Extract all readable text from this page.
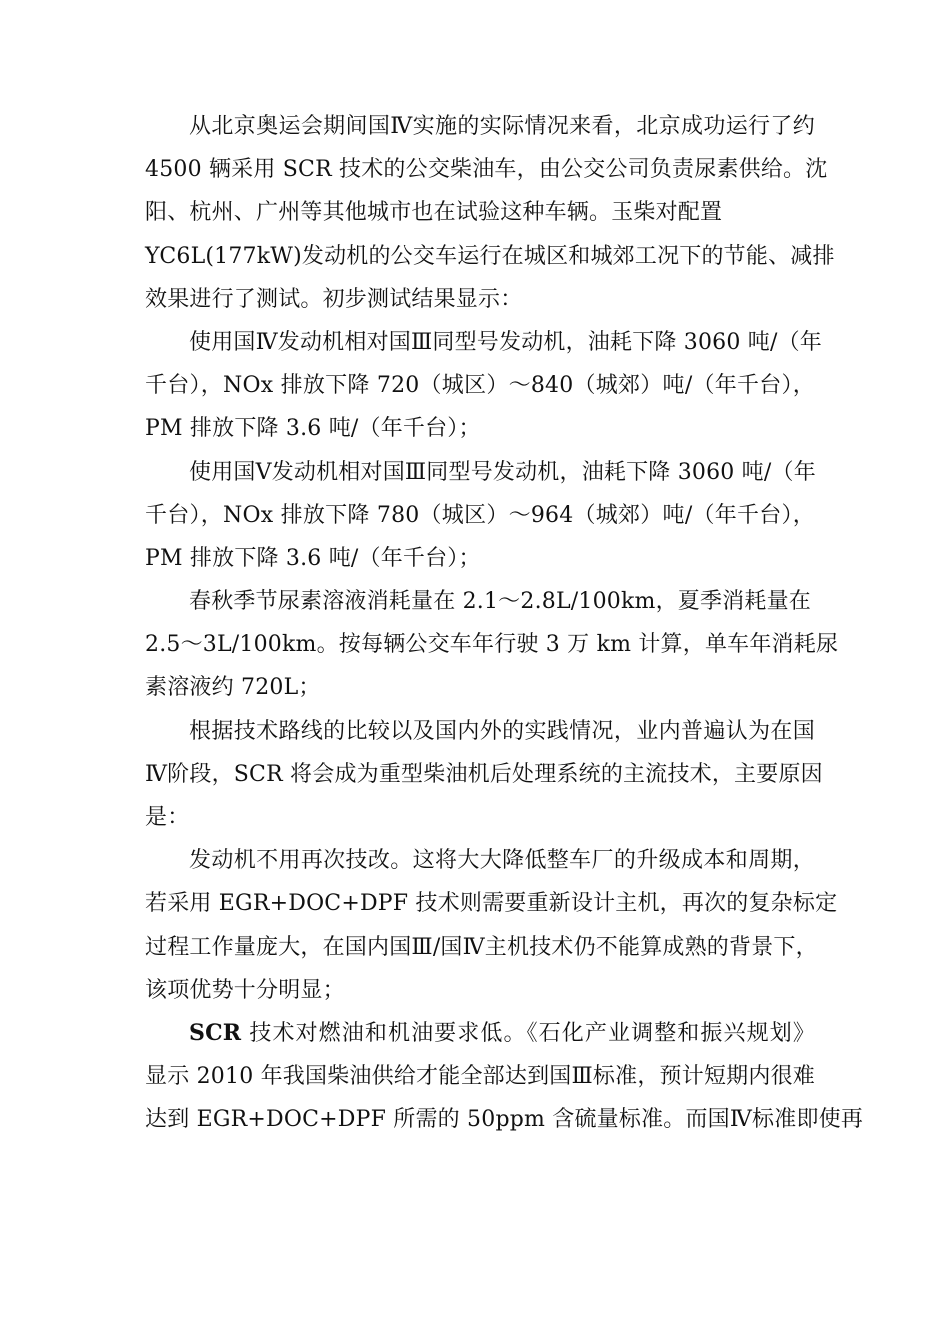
从北京奥运会期间国Ⅳ实施的实际情况来看，北京成功运行了约
4500 辆采用 SCR 技术的公交柴油车，由公交公司负责尿素供给。沈
阳、杭州、广州等其他城市也在试验这种车辆。玉柴对配置
YC6L(177kW)发动机的公交车运行在城区和城郊工况下的节能、减排
效果进行了测试。初步测试结果显示：

使用国Ⅳ发动机相对国Ⅲ同型号发动机，油耗下降 3060 吨/（年
千台），NOx 排放下降 720（城区）～840（城郊）吨/（年千台），
PM 排放下降 3.6 吨/（年千台）；

使用国Ⅴ发动机相对国Ⅲ同型号发动机，油耗下降 3060 吨/（年
千台），NOx 排放下降 780（城区）～964（城郊）吨/（年千台），
PM 排放下降 3.6 吨/（年千台）；

春秋季节尿素溶液消耗量在 2.1～2.8L/100km，夏季消耗量在
2.5～3L/100km。按每辆公交车年行驶 3 万 km 计算，单车年消耗尿
素溶液约 720L；

根据技术路线的比较以及国内外的实践情况，业内普遍认为在国
Ⅳ阶段，SCR 将会成为重型柴油机后处理系统的主流技术，主要原因
是：

发动机不用再次技改。这将大大降低整车厂的升级成本和周期，
若采用 EGR+DOC+DPF 技术则需要重新设计主机，再次的复杂标定
过程工作量庞大，在国内国Ⅲ/国Ⅳ主机技术仍不能算成熟的背景下，
该项优势十分明显；

SCR 技术对燃油和机油要求低。《石化产业调整和振兴规划》
显示 2010 年我国柴油供给才能全部达到国Ⅲ标准，预计短期内很难
达到 EGR+DOC+DPF 所需的 50ppm 含硫量标准。而国Ⅳ标准即使再
